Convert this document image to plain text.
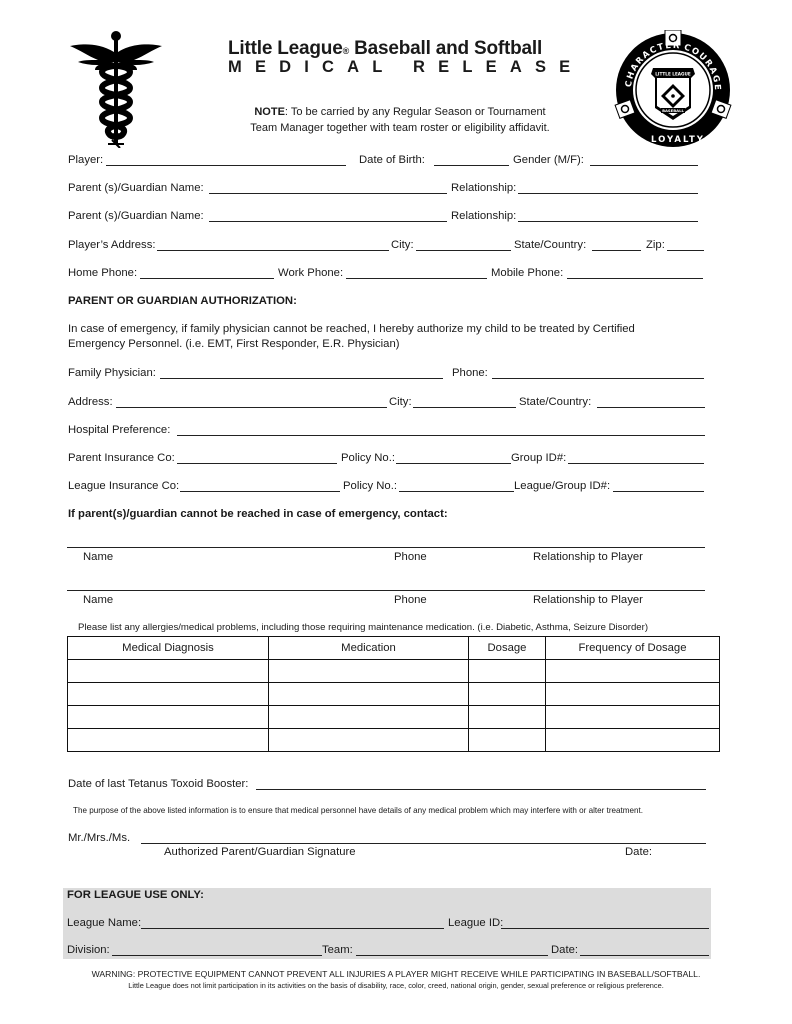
Little League® Baseball and Softball
MEDICAL RELEASE
NOTE: To be carried by any Regular Season or Tournament
Team Manager together with team roster or eligibility affidavit.
CHARACTER COURAGE
LOYALTY
LITTLE LEAGUE
BASEBALL
Player:	Date of Birth:	Gender (M/F):
Parent (s)/Guardian Name:	Relationship:
Parent (s)/Guardian Name:	Relationship:
Player’s Address:	City:	State/Country:	Zip:
Home Phone:	Work Phone:	Mobile Phone:
PARENT OR GUARDIAN AUTHORIZATION:
In case of emergency, if family physician cannot be reached, I hereby authorize my child to be treated by Certified
Emergency Personnel. (i.e. EMT, First Responder, E.R. Physician)
Family Physician:	Phone:
Address:	City:	State/Country:
Hospital Preference:
Parent Insurance Co:	Policy No.:	Group ID#:
League Insurance Co:	Policy No.:	League/Group ID#:
If parent(s)/guardian cannot be reached in case of emergency, contact:
Name	Phone	Relationship to Player
Name	Phone	Relationship to Player
Please list any allergies/medical problems, including those requiring maintenance medication. (i.e. Diabetic, Asthma, Seizure Disorder)
Medical Diagnosis	Medication	Dosage	Frequency of Dosage

Date of last Tetanus Toxoid Booster:
The purpose of the above listed information is to ensure that medical personnel have details of any medical problem which may interfere with or alter treatment.
Mr./Mrs./Ms.
Authorized Parent/Guardian Signature	Date:
FOR LEAGUE USE ONLY:
League Name:	League ID:
Division:	Team:	Date:
WARNING: PROTECTIVE EQUIPMENT CANNOT PREVENT ALL INJURIES A PLAYER MIGHT RECEIVE WHILE PARTICIPATING IN BASEBALL/SOFTBALL.
Little League does not limit participation in its activities on the basis of disability, race, color, creed, national origin, gender, sexual preference or religious preference.
